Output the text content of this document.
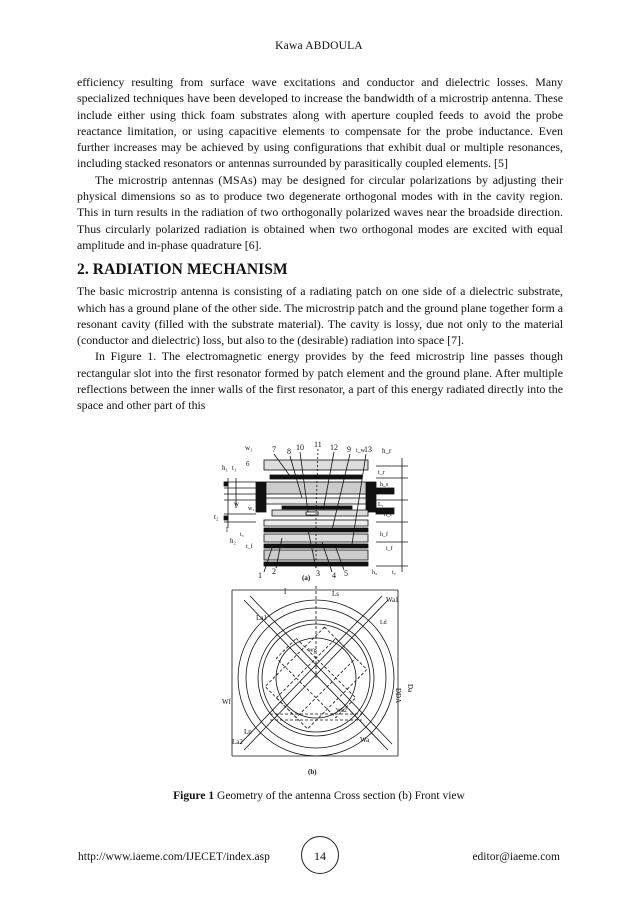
Kawa ABDOULA

efficiency resulting from surface wave excitations and conductor and dielectric losses. Many specialized techniques have been developed to increase the bandwidth of a microstrip antenna. These include either using thick foam substrates along with aperture coupled feeds to avoid the probe reactance limitation, or using capacitive elements to compensate for the probe inductance. Even further increases may be achieved by using configurations that exhibit dual or multiple resonances, including stacked resonators or antennas surrounded by parasitically coupled elements. [5]

The microstrip antennas (MSAs) may be designed for circular polarizations by adjusting their physical dimensions so as to produce two degenerate orthogonal modes with in the cavity region. This in turn results in the radiation of two orthogonally polarized waves near the broadside direction. Thus circularly polarized radiation is obtained when two orthogonal modes are excited with equal amplitude and in-phase quadrature [6].

2. RADIATION MECHANISM

The basic microstrip antenna is consisting of a radiating patch on one side of a dielectric substrate, which has a ground plane of the other side. The microstrip patch and the ground plane together form a resonant cavity (filled with the substrate material). The cavity is lossy, due not only to the material (conductor and dielectric) loss, but also to the (desirable) radiation into space [7].

In Figure 1. The electromagnetic energy provides by the feed microstrip line passes though rectangular slot into the first resonator formed by patch element and the ground plane. After multiple reflections between the inner walls of the first resonator, a part of this energy radiated directly into the space and other part of this

w₁ 7 8 10 11 12 9 13
t_w h_r
h₁ t₁ 6
w
w₂
t₂
l
t₃
h₂
t_f
t_r
h_s
L₁
h_f
h_f
t_f
h₃ t₂
1 2	3 4 5
(a)
l	Ls
Wa1
La1
Ld
Wp
DDA Da
Wa2
Wf
Lp
La2	Wa
(b)
Figure 1 Geometry of the antenna Cross section (b) Front view
http://www.iaeme.com/IJECET/index.asp	14	editor@iaeme.com
